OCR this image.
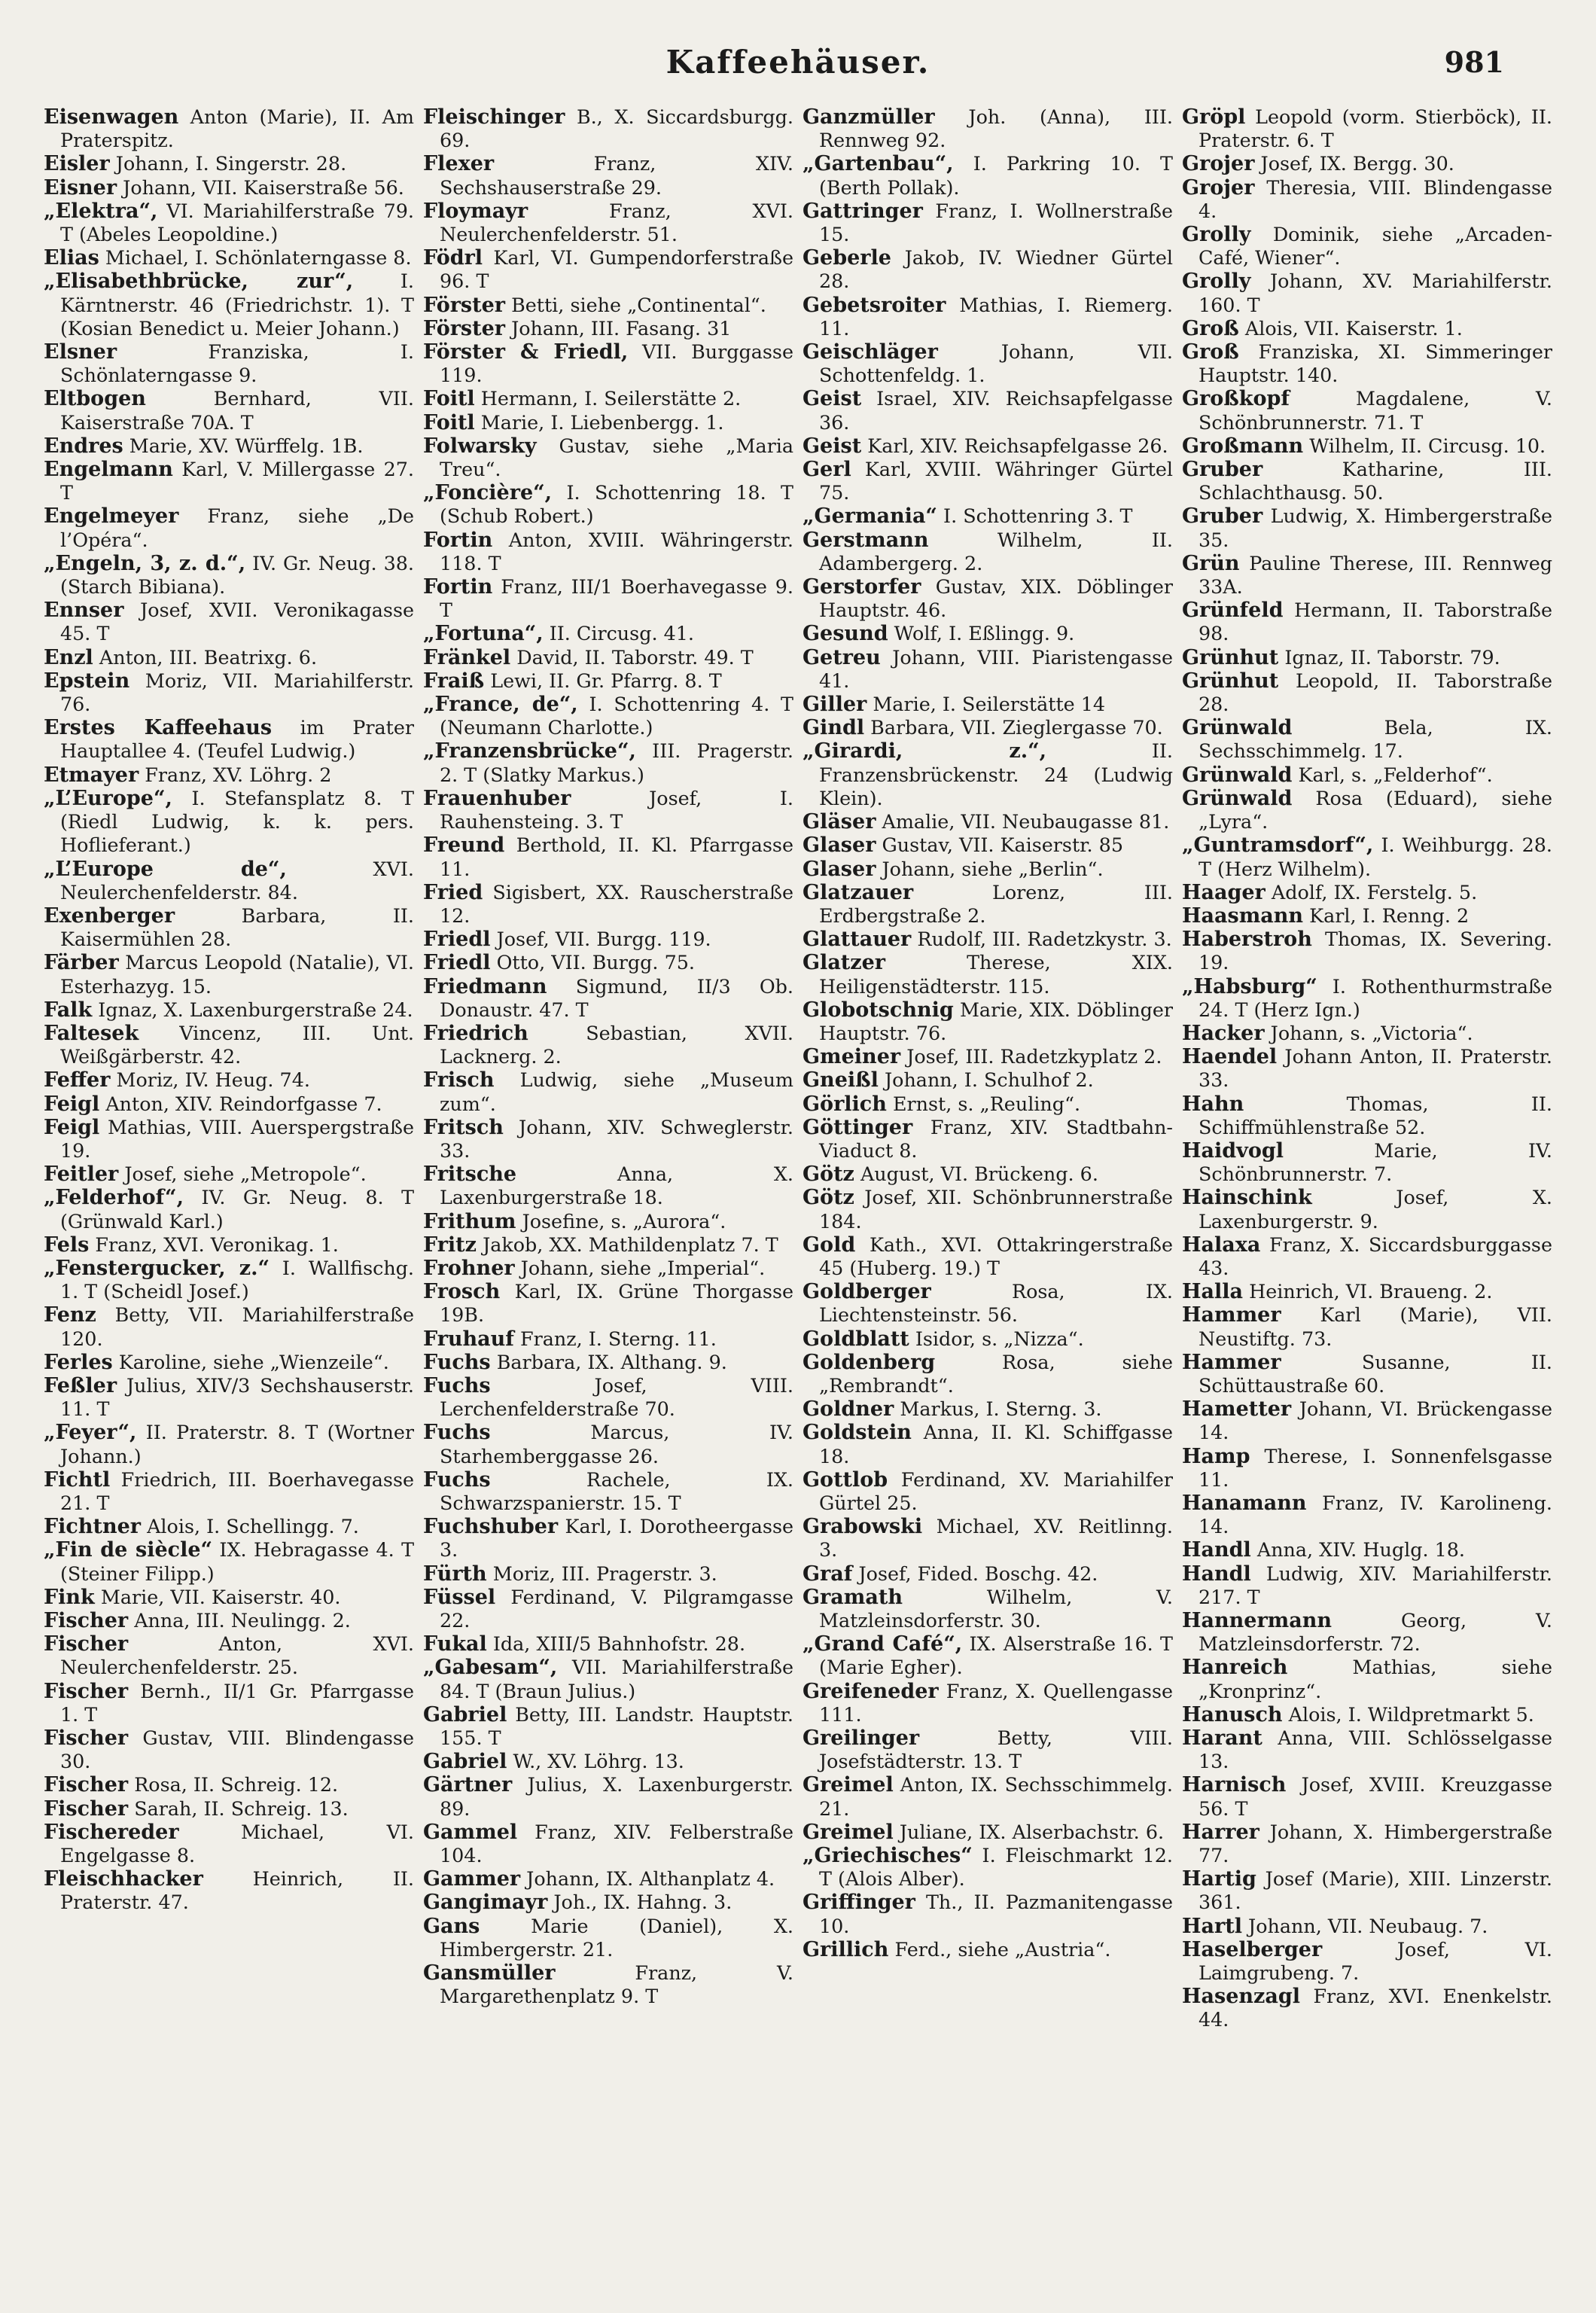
Kaffeehäuser.	981

Eisenwagen Anton (Marie), II. Am Praterspitz.

Eisler Johann, I. Singerstr. 28.

Eisner Johann, VII. Kaiserstraße 56.

„Elektra“, VI. Mariahilferstraße 79. T (Abeles Leopoldine.)

Elias Michael, I. Schönlaterngasse 8.

„Elisabethbrücke, zur“, I. Kärntnerstr. 46 (Friedrichstr. 1). T (Kosian Benedict u. Meier Johann.)

Elsner	Franziska, I. Schönlaterngasse 9.

Eltbogen	Bernhard, VII. Kaiserstraße 70A. T

Endres Marie, XV. Würffelg. 1B.

Engelmann Karl, V. Millergasse 27. T

Engelmeyer Franz, siehe „De l’Opéra“.

„Engeln, 3, z. d.“, IV. Gr. Neug. 38. (Starch Bibiana).

Ennser Josef, XVII. Veronikagasse 45. T

Enzl Anton, III. Beatrixg. 6.

Epstein Moriz, VII. Mariahilferstr. 76.

Erstes Kaffeehaus im Prater Hauptallee 4. (Teufel Ludwig.)

Etmayer Franz, XV. Löhrg. 2

„L’Europe“, I. Stefansplatz 8. T (Riedl Ludwig, k. k. pers. Hoflieferant.)

„L’Europe de“,	XVI. Neulerchenfelderstr. 84.

Exenberger	Barbara, II. Kaisermühlen 28.

Färber Marcus Leopold (Natalie), VI. Esterhazyg. 15.

Falk Ignaz, X. Laxenburgerstraße 24.

Faltesek Vincenz, III. Unt. Weißgärberstr. 42.

Feffer Moriz, IV. Heug. 74.

Feigl Anton, XIV. Reindorfgasse 7.

Feigl Mathias, VIII. Auerspergstraße 19.

Feitler Josef, siehe „Metropole“.

„Felderhof“, IV. Gr. Neug. 8. T (Grünwald Karl.)

Fels Franz, XVI. Veronikag. 1.

„Fenstergucker, z.“ I. Wallfischg. 1. T (Scheidl Josef.)

Fenz Betty, VII. Mariahilferstraße 120.

Ferles Karoline, siehe „Wienzeile“.

Feßler Julius, XIV/3 Sechshauserstr. 11. T

„Feyer“, II. Praterstr. 8. T (Wortner Johann.)

Fichtl Friedrich, III. Boerhavegasse 21. T

Fichtner Alois, I. Schellingg. 7.

„Fin de siècle“ IX. Hebragasse 4. T (Steiner Filipp.)

Fink Marie, VII. Kaiserstr. 40.

Fischer Anna, III. Neulingg. 2.

Fischer	Anton, XVI. Neulerchenfelderstr. 25.

Fischer Bernh., II/1 Gr. Pfarrgasse 1. T

Fischer Gustav, VIII. Blindengasse 30.

Fischer Rosa, II. Schreig. 12.

Fischer Sarah, II. Schreig. 13.

Fischereder	Michael, VI. Engelgasse 8.

Fleischhacker	Heinrich, II. Praterstr. 47.

Fleischinger B., X. Siccardsburgg. 69.

Flexer	Franz, XIV. Sechshauserstraße 29.

Floymayr	Franz, XVI. Neulerchenfelderstr. 51.

Födrl Karl, VI. Gumpendorferstraße 96. T

Förster Betti, siehe „Continental“.

Förster Johann, III. Fasang. 31

Förster & Friedl, VII. Burggasse 119.

Foitl Hermann, I. Seilerstätte 2.

Foitl Marie, I. Liebenbergg. 1.

Folwarsky Gustav, siehe „Maria Treu“.

„Foncière“, I. Schottenring 18. T (Schub Robert.)

Fortin Anton, XVIII. Währingerstr. 118. T

Fortin Franz, III/1 Boerhavegasse 9. T

„Fortuna“, II. Circusg. 41.

Fränkel David, II. Taborstr. 49. T

Fraiß Lewi, II. Gr. Pfarrg. 8. T

„France, de“, I. Schottenring 4. T (Neumann Charlotte.)

„Franzensbrücke“, III. Pragerstr. 2. T (Slatky Markus.)

Frauenhuber	Josef, I. Rauhensteing. 3. T

Freund Berthold, II. Kl. Pfarrgasse 11.

Fried Sigisbert, XX. Rauscherstraße 12.

Friedl Josef, VII. Burgg. 119.

Friedl Otto, VII. Burgg. 75.

Friedmann Sigmund, II/3 Ob. Donaustr. 47. T

Friedrich	Sebastian, XVII. Lacknerg. 2.

Frisch Ludwig, siehe „Museum zum“.

Fritsch Johann, XIV. Schweglerstr. 33.

Fritsche	Anna, X. Laxenburgerstraße 18.

Frithum Josefine, s. „Aurora“.

Fritz Jakob, XX. Mathildenplatz 7. T

Frohner Johann, siehe „Imperial“.

Frosch Karl, IX. Grüne Thorgasse 19B.

Fruhauf Franz, I. Sterng. 11.

Fuchs Barbara, IX. Althang. 9.

Fuchs	Josef, VIII. Lerchenfelderstraße 70.

Fuchs	Marcus, IV. Starhemberggasse 26.

Fuchs	Rachele, IX. Schwarzspanierstr. 15. T

Fuchshuber Karl, I. Dorotheergasse 3.

Fürth Moriz, III. Pragerstr. 3.

Füssel Ferdinand, V. Pilgramgasse 22.

Fukal Ida, XIII/5 Bahnhofstr. 28.

„Gabesam“, VII. Mariahilferstraße 84. T (Braun Julius.)

Gabriel Betty, III. Landstr. Hauptstr. 155. T

Gabriel W., XV. Löhrg. 13.

Gärtner Julius, X. Laxenburgerstr. 89.

Gammel Franz, XIV. Felberstraße 104.

Gammer Johann, IX. Althanplatz 4.

Gangimayr Joh., IX. Hahng. 3.

Gans	Marie (Daniel), X. Himbergerstr. 21.

Gansmüller	Franz, V. Margarethenplatz 9. T

Ganzmüller Joh. (Anna), III. Rennweg 92.

„Gartenbau“, I. Parkring 10. T (Berth Pollak).

Gattringer Franz, I. Wollnerstraße 15.

Geberle Jakob, IV. Wiedner Gürtel 28.

Gebetsroiter Mathias, I. Riemerg. 11.

Geischläger	Johann, VII. Schottenfeldg. 1.

Geist Israel, XIV. Reichsapfelgasse 36.

Geist Karl, XIV. Reichsapfelgasse 26.

Gerl Karl, XVIII. Währinger Gürtel 75.

„Germania“ I. Schottenring 3. T

Gerstmann	Wilhelm, II. Adambergerg. 2.

Gerstorfer Gustav, XIX. Döblinger Hauptstr. 46.

Gesund Wolf, I. Eßlingg. 9.

Getreu Johann, VIII. Piaristengasse 41.

Giller Marie, I. Seilerstätte 14

Gindl Barbara, VII. Zieglergasse 70.

„Girardi, z.“,	II. Franzensbrückenstr. 24 (Ludwig Klein).

Gläser Amalie, VII. Neubaugasse 81.

Glaser Gustav, VII. Kaiserstr. 85

Glaser Johann, siehe „Berlin“.

Glatzauer	Lorenz, III. Erdbergstraße 2.

Glattauer Rudolf, III. Radetzkystr. 3.

Glatzer	Therese, XIX. Heiligenstädterstr. 115.

Globotschnig Marie, XIX. Döblinger Hauptstr. 76.

Gmeiner Josef, III. Radetzkyplatz 2.

Gneißl Johann, I. Schulhof 2.

Görlich Ernst, s. „Reuling“.

Göttinger Franz, XIV. Stadtbahn-Viaduct 8.

Götz August, VI. Brückeng. 6.

Götz Josef, XII. Schönbrunnerstraße 184.

Gold Kath., XVI. Ottakringerstraße 45 (Huberg. 19.) T

Goldberger	Rosa, IX. Liechtensteinstr. 56.

Goldblatt Isidor, s. „Nizza“.

Goldenberg	Rosa, siehe „Rembrandt“.

Goldner Markus, I. Sterng. 3.

Goldstein Anna, II. Kl. Schiffgasse 18.

Gottlob Ferdinand, XV. Mariahilfer Gürtel 25.

Grabowski Michael, XV. Reitlinng. 3.

Graf Josef, Fided. Boschg. 42.

Gramath	Wilhelm, V. Matzleinsdorferstr. 30.

„Grand Café“, IX. Alserstraße 16. T (Marie Egher).

Greifeneder Franz, X. Quellengasse 111.

Greilinger	Betty, VIII. Josefstädterstr. 13. T

Greimel Anton, IX. Sechsschimmelg. 21.

Greimel Juliane, IX. Alserbachstr. 6.

„Griechisches“ I. Fleischmarkt 12. T (Alois Alber).

Griffinger Th., II. Pazmanitengasse 10.

Grillich Ferd., siehe „Austria“.

Gröpl Leopold (vorm. Stierböck), II. Praterstr. 6. T

Grojer Josef, IX. Bergg. 30.

Grojer Theresia, VIII. Blindengasse 4.

Grolly Dominik, siehe „Arcaden-Café, Wiener“.

Grolly Johann, XV. Mariahilferstr. 160. T

Groß Alois, VII. Kaiserstr. 1.

Groß Franziska, XI. Simmeringer Hauptstr. 140.

Großkopf	Magdalene, V. Schönbrunnerstr. 71. T

Großmann Wilhelm, II. Circusg. 10.

Gruber	Katharine, III. Schlachthausg. 50.

Gruber Ludwig, X. Himbergerstraße 35.

Grün Pauline Therese, III. Rennweg 33A.

Grünfeld Hermann, II. Taborstraße 98.

Grünhut Ignaz, II. Taborstr. 79.

Grünhut Leopold, II. Taborstraße 28.

Grünwald	Bela, IX. Sechsschimmelg. 17.

Grünwald Karl, s. „Felderhof“.

Grünwald Rosa (Eduard), siehe „Lyra“.

„Guntramsdorf“, I. Weihburgg. 28. T (Herz Wilhelm).

Haager Adolf, IX. Ferstelg. 5.

Haasmann Karl, I. Renng. 2

Haberstroh Thomas, IX. Severing. 19.

„Habsburg“ I. Rothenthurmstraße 24. T (Herz Ign.)

Hacker Johann, s. „Victoria“.

Haendel Johann Anton, II. Praterstr. 33.

Hahn	Thomas, II. Schiffmühlenstraße 52.

Haidvogl	Marie, IV. Schönbrunnerstr. 7.

Hainschink	Josef, X. Laxenburgerstr. 9.

Halaxa Franz, X. Siccardsburggasse 43.

Halla Heinrich, VI. Braueng. 2.

Hammer Karl (Marie), VII. Neustiftg. 73.

Hammer	Susanne, II. Schüttaustraße 60.

Hametter Johann, VI. Brückengasse 14.

Hamp Therese, I. Sonnenfelsgasse 11.

Hanamann Franz, IV. Karolineng. 14.

Handl Anna, XIV. Huglg. 18.

Handl Ludwig, XIV. Mariahilferstr. 217. T

Hannermann	Georg, V. Matzleinsdorferstr. 72.

Hanreich	Mathias, siehe „Kronprinz“.

Hanusch Alois, I. Wildpretmarkt 5.

Harant Anna, VIII. Schlösselgasse 13.

Harnisch Josef, XVIII. Kreuzgasse 56. T

Harrer Johann, X. Himbergerstraße 77.

Hartig Josef (Marie), XIII. Linzerstr. 361.

Hartl Johann, VII. Neubaug. 7.

Haselberger	Josef, VI. Laimgrubeng. 7.

Hasenzagl Franz, XVI. Enenkelstr. 44.
